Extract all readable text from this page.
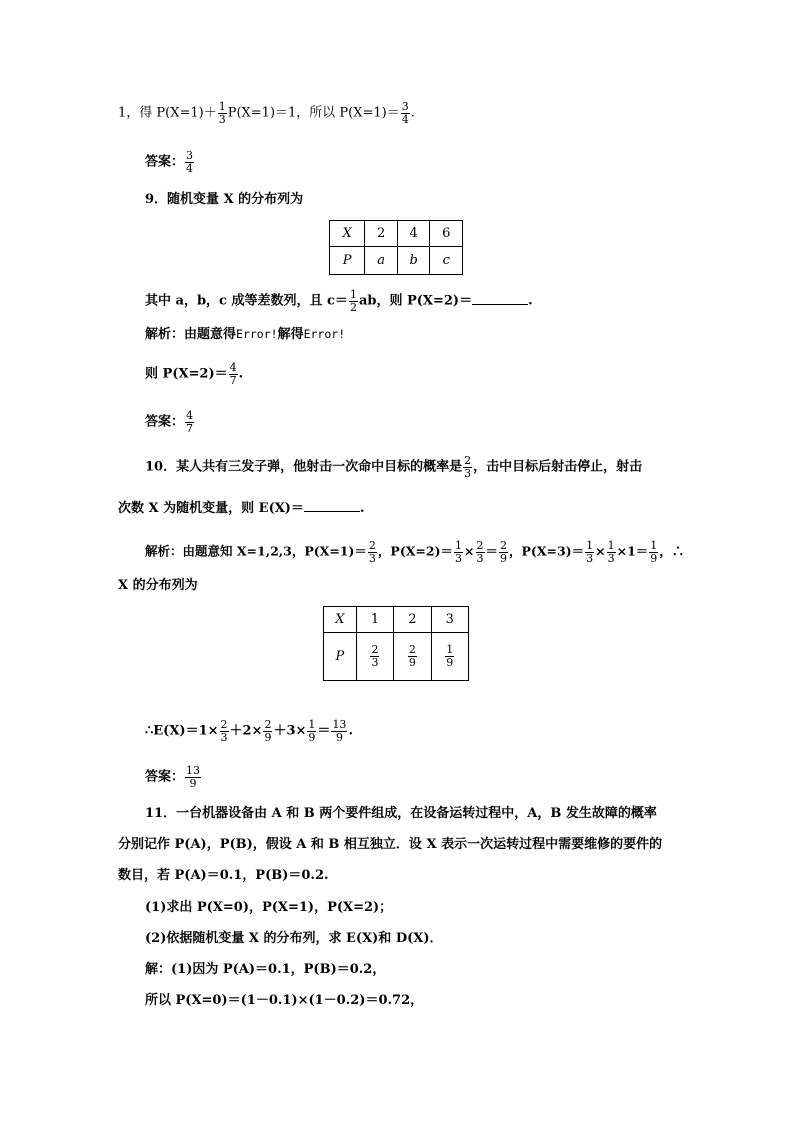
1，得 $P(X=1)+ \frac{1}{3} P(X=1)=1$，所以 $P(X=1)= \frac{3}{4}$ .
答案： $\frac{3}{4}$
9．随机变量 X 的分布列为
X	2	4	6
P	a	b	c
其中 a，b，c 成等差数列，且 $c= \frac{1}{2}$ ab，则 P(X=2)＝	.
解析：由题意得Error!解得Error!
则 $P(X=2)= \frac{4}{7}$ .
答案： $\frac{4}{7}$
10．某人共有三发子弹，他射击一次命中目标的概率是 $\frac{2}{3}$ ，击中目标后射击停止，射击
次数 X 为随机变量，则 E(X)＝	.
解析：由题意知 X=1,2,3，$P(X=1)= \frac{2}{3}$ ，$P(X=2)= \frac{1}{3} \times \frac{2}{3} = \frac{2}{9}$ ，$P(X=3)= \frac{1}{3} \times \frac{1}{3} \times 1= \frac{1}{9}$ ，∴
X 的分布列为
X	1	2	3
P	$\frac{2}{3}$	$\frac{2}{9}$	$\frac{1}{9}$
∴E(X)＝1× $\frac{2}{3} +2\times \frac{2}{9} +3\times \frac{1}{9} = \frac{13}{9}$ .
答案： $\frac{13}{9}$
11．一台机器设备由 A 和 B 两个要件组成，在设备运转过程中，A，B 发生故障的概率
分别记作 P(A)，P(B)，假设 A 和 B 相互独立．设 X 表示一次运转过程中需要维修的要件的
数目，若 P(A)＝0.1，P(B)＝0.2.
(1)求出 P(X=0)，P(X=1)，P(X=2)；
(2)依据随机变量 X 的分布列，求 E(X)和 D(X)．
解：(1)因为 P(A)＝0.1，P(B)＝0.2，
所以 P(X=0)＝(1－0.1)×(1－0.2)＝0.72，
